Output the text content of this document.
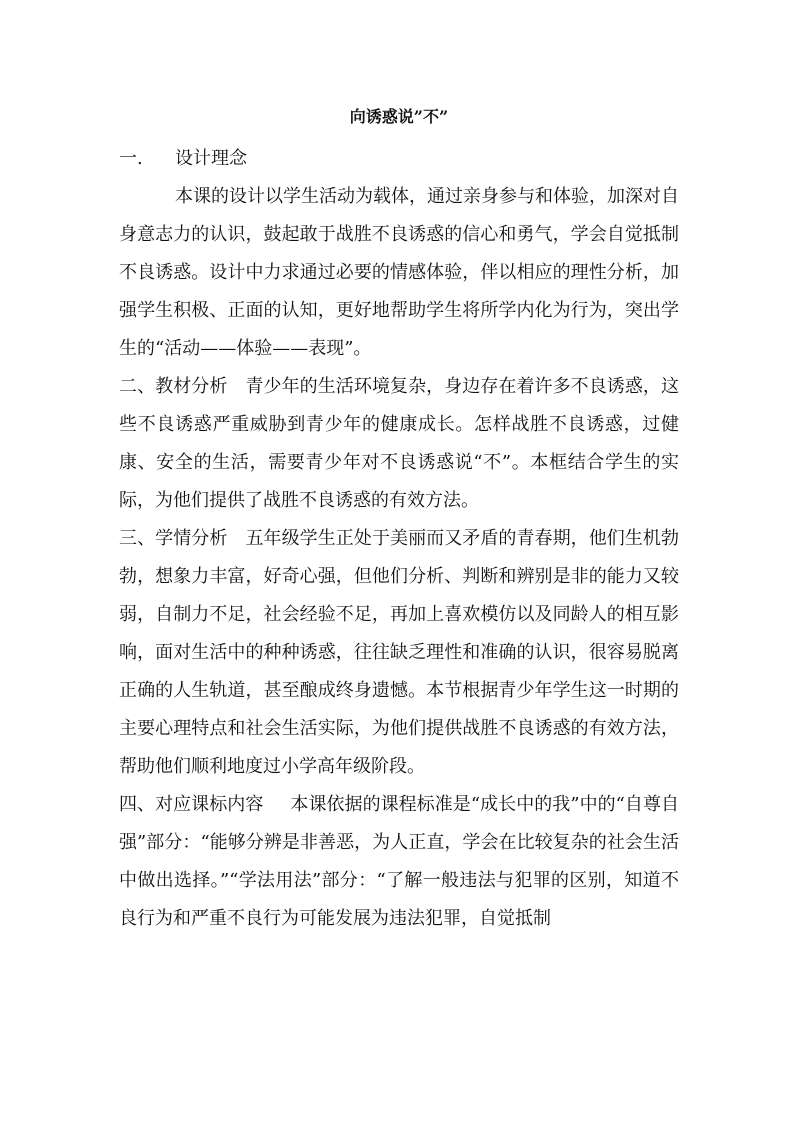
向诱惑说”不”
一. 设计理念

本课的设计以学生活动为载体，通过亲身参与和体验，加深对自身意志力的认识，鼓起敢于战胜不良诱惑的信心和勇气，学会自觉抵制不良诱惑。设计中力求通过必要的情感体验，伴以相应的理性分析，加强学生积极、正面的认知，更好地帮助学生将所学内化为行为，突出学生的“活动——体验——表现”。

二、教材分析  青少年的生活环境复杂，身边存在着许多不良诱惑，这些不良诱惑严重威胁到青少年的健康成长。怎样战胜不良诱惑，过健康、安全的生活，需要青少年对不良诱惑说“不”。本框结合学生的实际，为他们提供了战胜不良诱惑的有效方法。

三、学情分析  五年级学生正处于美丽而又矛盾的青春期，他们生机勃勃，想象力丰富，好奇心强，但他们分析、判断和辨别是非的能力又较弱，自制力不足，社会经验不足，再加上喜欢模仿以及同龄人的相互影响，面对生活中的种种诱惑，往往缺乏理性和准确的认识，很容易脱离正确的人生轨道，甚至酿成终身遗憾。本节根据青少年学生这一时期的主要心理特点和社会生活实际，为他们提供战胜不良诱惑的有效方法，帮助他们顺利地度过小学高年级阶段。

四、对应课标内容   本课依据的课程标准是“成长中的我”中的“自尊自强”部分：“能够分辨是非善恶，为人正直，学会在比较复杂的社会生活中做出选择。”“学法用法”部分：“了解一般违法与犯罪的区别，知道不良行为和严重不良行为可能发展为违法犯罪，自觉抵制
